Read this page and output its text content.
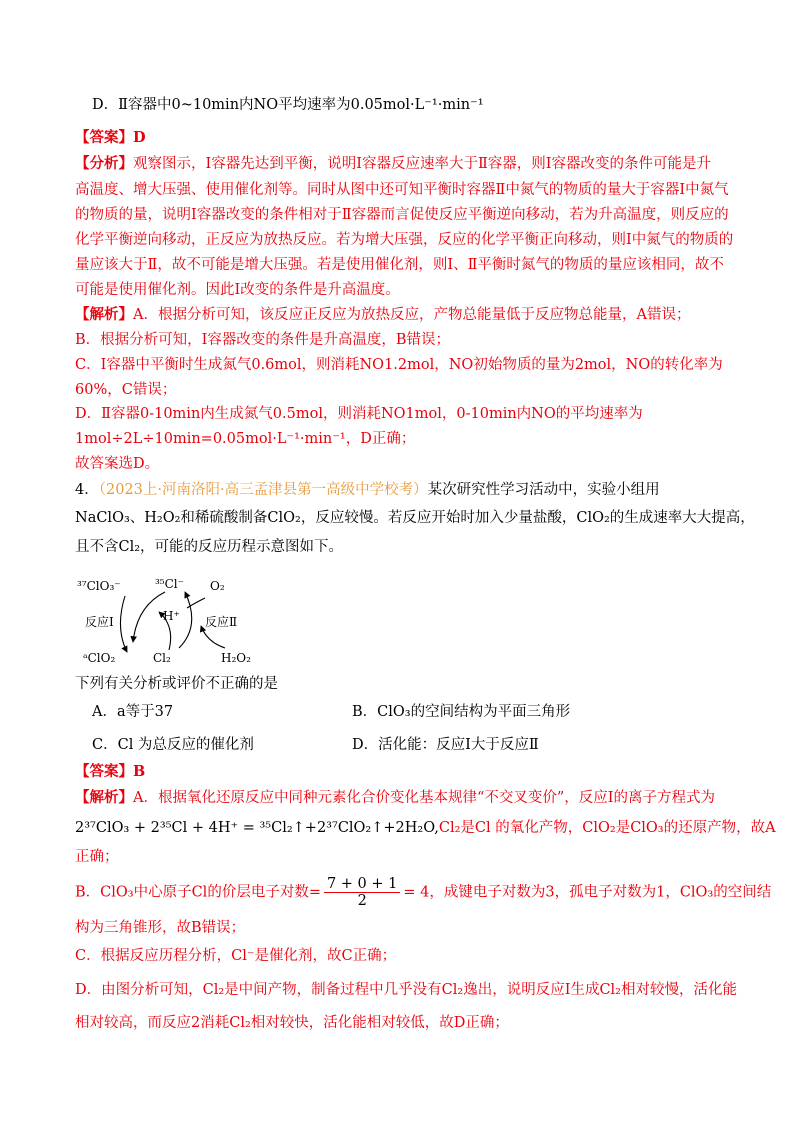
D．Ⅱ容器中0~10min内NO平均速率为0.05mol·L⁻¹·min⁻¹
【答案】D
【分析】观察图示，Ⅰ容器先达到平衡，说明Ⅰ容器反应速率大于Ⅱ容器，则Ⅰ容器改变的条件可能是升
高温度、增大压强、使用催化剂等。同时从图中还可知平衡时容器Ⅱ中氮气的物质的量大于容器Ⅰ中氮气
的物质的量，说明Ⅰ容器改变的条件相对于Ⅱ容器而言促使反应平衡逆向移动，若为升高温度，则反应的
化学平衡逆向移动，正反应为放热反应。若为增大压强，反应的化学平衡正向移动，则Ⅰ中氮气的物质的
量应该大于Ⅱ，故不可能是增大压强。若是使用催化剂，则Ⅰ、Ⅱ平衡时氮气的物质的量应该相同，故不
可能是使用催化剂。因此Ⅰ改变的条件是升高温度。
【解析】A．根据分析可知，该反应正反应为放热反应，产物总能量低于反应物总能量，A错误；
B．根据分析可知，Ⅰ容器改变的条件是升高温度，B错误；
C．Ⅰ容器中平衡时生成氮气0.6mol，则消耗NO1.2mol，NO初始物质的量为2mol，NO的转化率为
60%，C错误；
D．Ⅱ容器0-10min内生成氮气0.5mol，则消耗NO1mol，0-10min内NO的平均速率为
1mol÷2L÷10min=0.05mol·L⁻¹·min⁻¹，D正确；
故答案选D。
4．（2023上·河南洛阳·高三孟津县第一高级中学校考）某次研究性学习活动中，实验小组用
NaClO₃、H₂O₂和稀硫酸制备ClO₂，反应较慢。若反应开始时加入少量盐酸，ClO₂的生成速率大大提高，
且不含Cl₂，可能的反应历程示意图如下。
³⁷ClO₃⁻	³⁵Cl⁻ O₂
H⁺
反应Ⅰ	反应Ⅱ
ᵃClO₂	Cl₂	H₂O₂
下列有关分析或评价不正确的是
A．a等于37	B．ClO₃的空间结构为平面三角形
C．Cl 为总反应的催化剂	D．活化能：反应Ⅰ大于反应Ⅱ
【答案】B
【解析】A．根据氧化还原反应中同种元素化合价变化基本规律“不交叉变价”，反应Ⅰ的离子方程式为
2³⁷ClO₃ + 2³⁵Cl + 4H⁺ = ³⁵Cl₂↑+2³⁷ClO₂↑+2H₂O,Cl₂是Cl 的氧化产物，ClO₂是ClO₃的还原产物，故A
正确；
B．ClO₃中心原子Cl的价层电子对数= $\frac{7 + 0 + 1}{2} = 4$，成键电子对数为3，孤电子对数为1，ClO₃的空间结
构为三角锥形，故B错误；
C．根据反应历程分析，Cl⁻是催化剂，故C正确；
D．由图分析可知，Cl₂是中间产物，制备过程中几乎没有Cl₂逸出，说明反应Ⅰ生成Cl₂相对较慢，活化能
相对较高，而反应2消耗Cl₂相对较快，活化能相对较低，故D正确；
